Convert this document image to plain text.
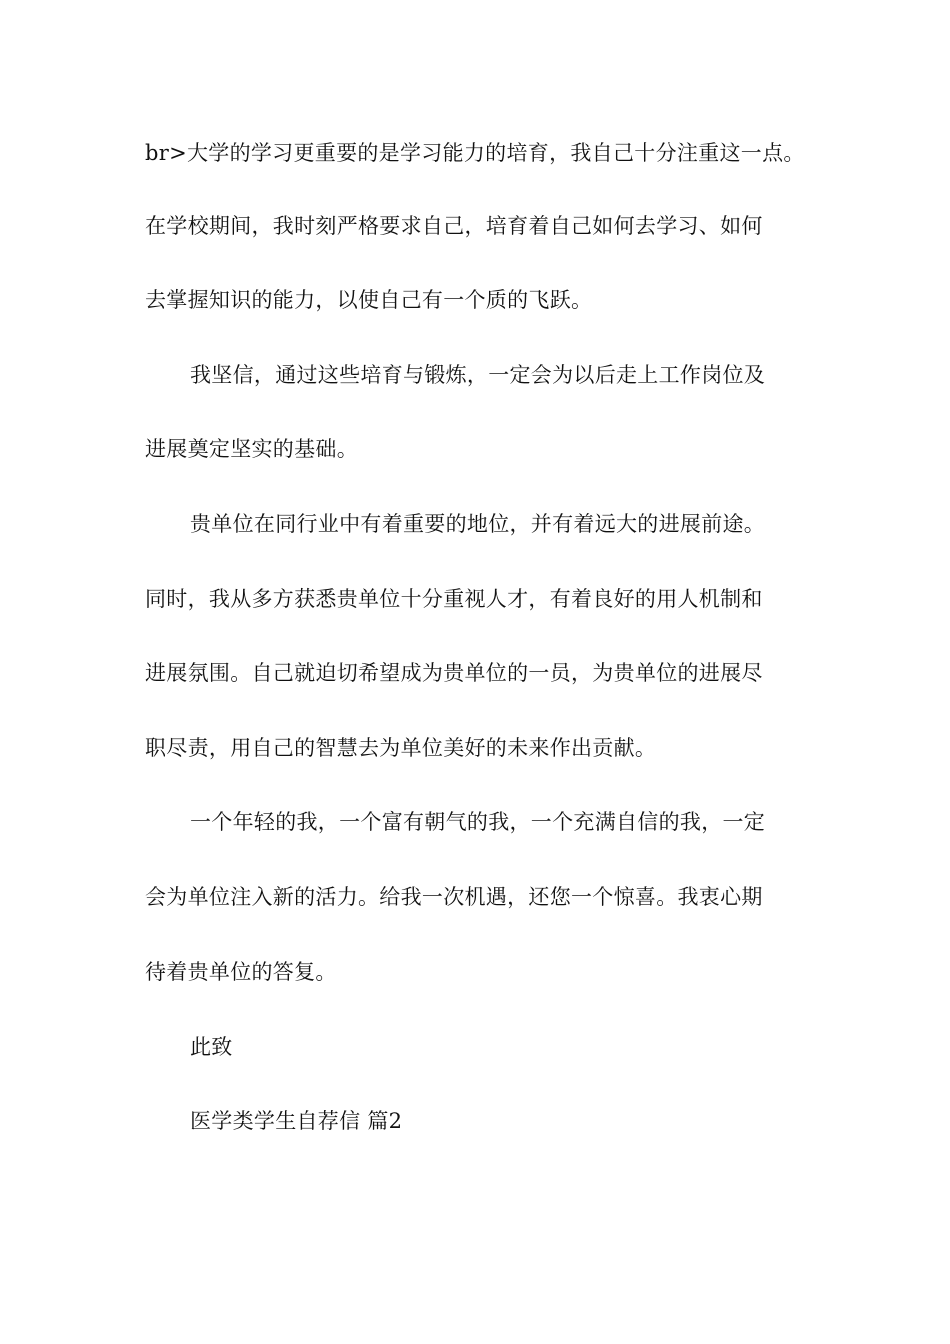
br>大学的学习更重要的是学习能力的培育，我自己十分注重这一点。
在学校期间，我时刻严格要求自己，培育着自己如何去学习、如何
去掌握知识的能力，以使自己有一个质的飞跃。
我坚信，通过这些培育与锻炼，一定会为以后走上工作岗位及
进展奠定坚实的基础。
贵单位在同行业中有着重要的地位，并有着远大的进展前途。
同时，我从多方获悉贵单位十分重视人才，有着良好的用人机制和
进展氛围。自己就迫切希望成为贵单位的一员，为贵单位的进展尽
职尽责，用自己的智慧去为单位美好的未来作出贡献。
一个年轻的我，一个富有朝气的我，一个充满自信的我，一定
会为单位注入新的活力。给我一次机遇，还您一个惊喜。我衷心期
待着贵单位的答复。
此致
医学类学生自荐信 篇2
